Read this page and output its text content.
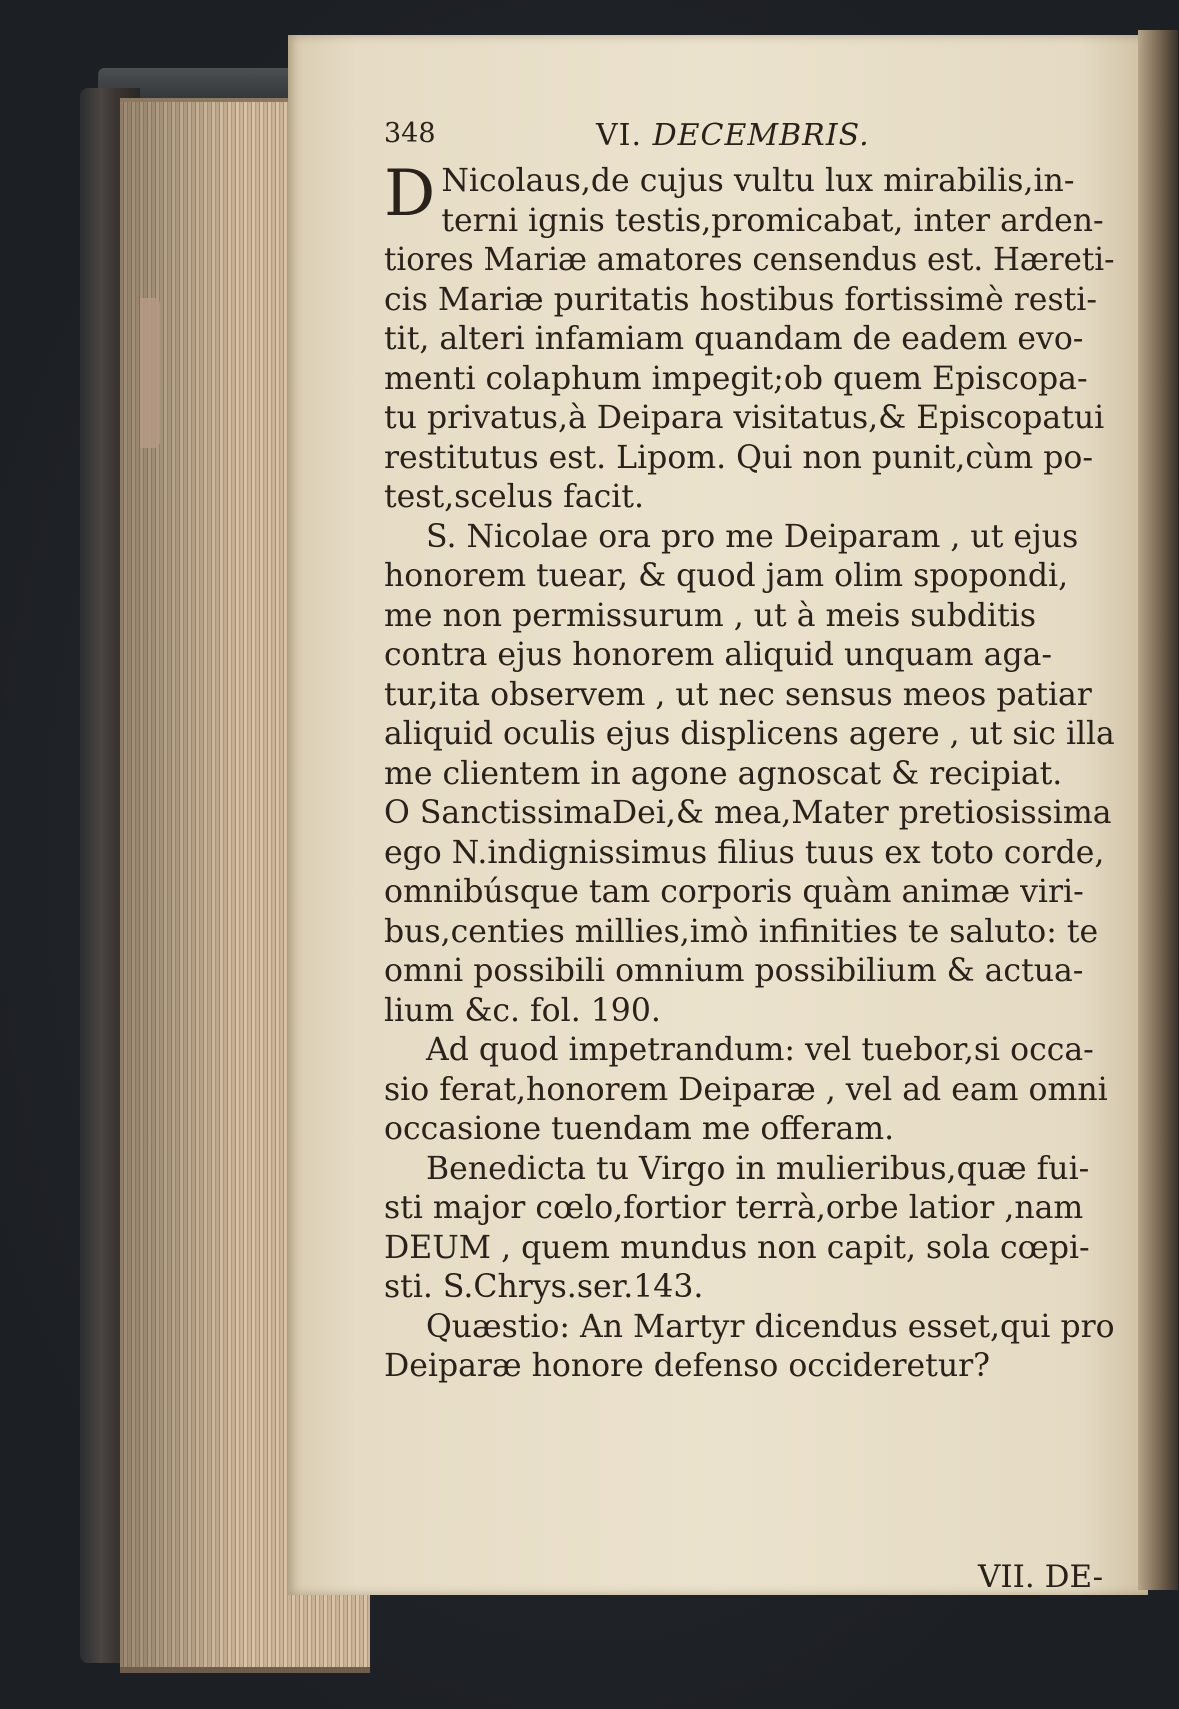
348	VI. DECEMBRIS.
D Nicolaus,de cujus vultu lux mirabilis,in-
terni ignis testis,promicabat, inter arden-
tiores Mariæ amatores censendus est. Hæreti-
cis Mariæ puritatis hostibus fortissimè resti-
tit, alteri infamiam quandam de eadem evo-
menti colaphum impegit;ob quem Episcopa-
tu privatus,à Deipara visitatus,& Episcopatui
restitutus est. Lipom. Qui non punit,cùm po-
test,scelus facit.
S. Nicolae ora pro me Deiparam , ut ejus
honorem tuear, & quod jam olim spopondi,
me non permissurum , ut à meis subditis
contra ejus honorem aliquid unquam aga-
tur,ita observem , ut nec sensus meos patiar
aliquid oculis ejus displicens agere , ut sic illa
me clientem in agone agnoscat & recipiat.
O SanctissimaDei,& mea,Mater pretiosissima
ego N.indignissimus filius tuus ex toto corde,
omnibúsque tam corporis quàm animæ viri-
bus,centies millies,imò infinities te saluto: te
omni possibili omnium possibilium & actua-
lium &c. fol. 190.
Ad quod impetrandum: vel tuebor,si occa-
sio ferat,honorem Deiparæ , vel ad eam omni
occasione tuendam me offeram.
Benedicta tu Virgo in mulieribus,quæ fui-
sti major cœlo,fortior terrà,orbe latior ,nam
DEUM , quem mundus non capit, sola cœpi-
sti. S.Chrys.ser.143.
Quæstio: An Martyr dicendus esset,qui pro
Deiparæ honore defenso occideretur?
VII. DE-
